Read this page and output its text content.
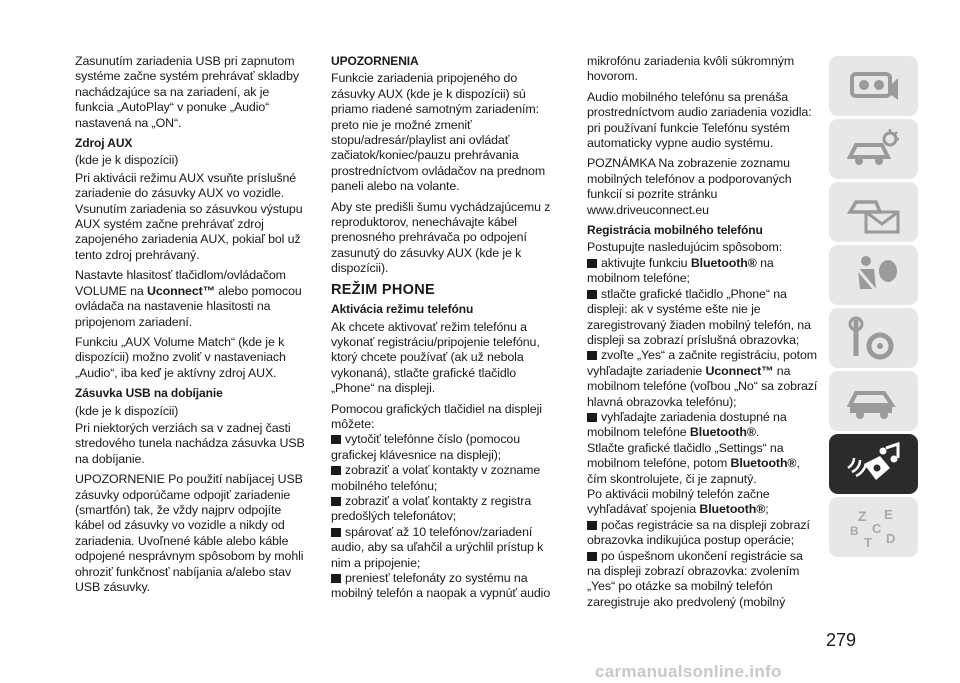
Zasunutím zariadenia USB pri zapnutom systéme začne systém prehrávať skladby nachádzajúce sa na zariadení, ak je funkcia „AutoPlay“ v ponuke „Audio“ nastavená na „ON“.

Zdroj AUX

(kde je k dispozícii)

Pri aktivácii režimu AUX vsuňte príslušné zariadenie do zásuvky AUX vo vozidle. Vsunutím zariadenia so zásuvkou výstupu AUX systém začne prehrávať zdroj zapojeného zariadenia AUX, pokiaľ bol už tento zdroj prehrávaný.

Nastavte hlasitosť tlačidlom/ovládačom VOLUME na Uconnect™ alebo pomocou ovládača na nastavenie hlasitosti na pripojenom zariadení.

Funkciu „AUX Volume Match“ (kde je k dispozícii) možno zvoliť v nastaveniach „Audio“, iba keď je aktívny zdroj AUX.

Zásuvka USB na dobíjanie

(kde je k dispozícii)

Pri niektorých verziách sa v zadnej časti stredového tunela nachádza zásuvka USB na dobíjanie.

UPOZORNENIE Po použití nabíjacej USB zásuvky odporúčame odpojiť zariadenie (smartfón) tak, že vždy najprv odpojíte kábel od zásuvky vo vozidle a nikdy od zariadenia. Uvoľnené káble alebo káble odpojené nesprávnym spôsobom by mohli ohroziť funkčnosť nabíjania a/alebo stav USB zásuvky.

UPOZORNENIA

Funkcie zariadenia pripojeného do zásuvky AUX (kde je k dispozícii) sú priamo riadené samotným zariadením: preto nie je možné zmeniť stopu/adresár/playlist ani ovládať začiatok/koniec/pauzu prehrávania prostredníctvom ovládačov na prednom paneli alebo na volante.

Aby ste predišli šumu vychádzajúcemu z reproduktorov, nenechávajte kábel prenosného prehrávača po odpojení zasunutý do zásuvky AUX (kde je k dispozícii).

REŽIM PHONE
Aktivácia režimu telefónu

Ak chcete aktivovať režim telefónu a vykonať registráciu/pripojenie telefónu, ktorý chcete používať (ak už nebola vykonaná), stlačte grafické tlačidlo „Phone“ na displeji.

Pomocou grafických tlačidiel na displeji môžete:

vytočiť telefónne číslo (pomocou grafickej klávesnice na displeji);
zobraziť a volať kontakty v zozname mobilného telefónu;
zobraziť a volať kontakty z registra predošlých telefonátov;
spárovať až 10 telefónov/zariadení audio, aby sa uľahčil a urýchlil prístup k nim a pripojenie;
preniesť telefonáty zo systému na mobilný telefón a naopak a vypnúť audio

mikrofónu zariadenia kvôli súkromným hovorom.

Audio mobilného telefónu sa prenáša prostredníctvom audio zariadenia vozidla: pri používaní funkcie Telefónu systém automaticky vypne audio systému.

POZNÁMKA Na zobrazenie zoznamu mobilných telefónov a podporovaných funkcií si pozrite stránku www.driveuconnect.eu

Registrácia mobilného telefónu

Postupujte nasledujúcim spôsobom:

aktivujte funkciu Bluetooth® na mobilnom telefóne;
stlačte grafické tlačidlo „Phone“ na displeji: ak v systéme ešte nie je zaregistrovaný žiaden mobilný telefón, na displeji sa zobrazí príslušná obrazovka;
zvoľte „Yes“ a začnite registráciu, potom vyhľadajte zariadenie Uconnect™ na mobilnom telefóne (voľbou „No“ sa zobrazí hlavná obrazovka telefónu);
vyhľadajte zariadenia dostupné na mobilnom telefóne Bluetooth®.

Stlačte grafické tlačidlo „Settings“ na mobilnom telefóne, potom Bluetooth®, čím skontrolujete, či je zapnutý.

Po aktivácii mobilný telefón začne vyhľadávať spojenia Bluetooth®;

počas registrácie sa na displeji zobrazí obrazovka indikujúca postup operácie;
po úspešnom ukončení registrácie sa na displeji zobrazí obrazovka: zvolením „Yes“ po otázke sa mobilný telefón zaregistruje ako predvolený (mobilný
Z E
B C
T D
279
carmanualsonline.info
